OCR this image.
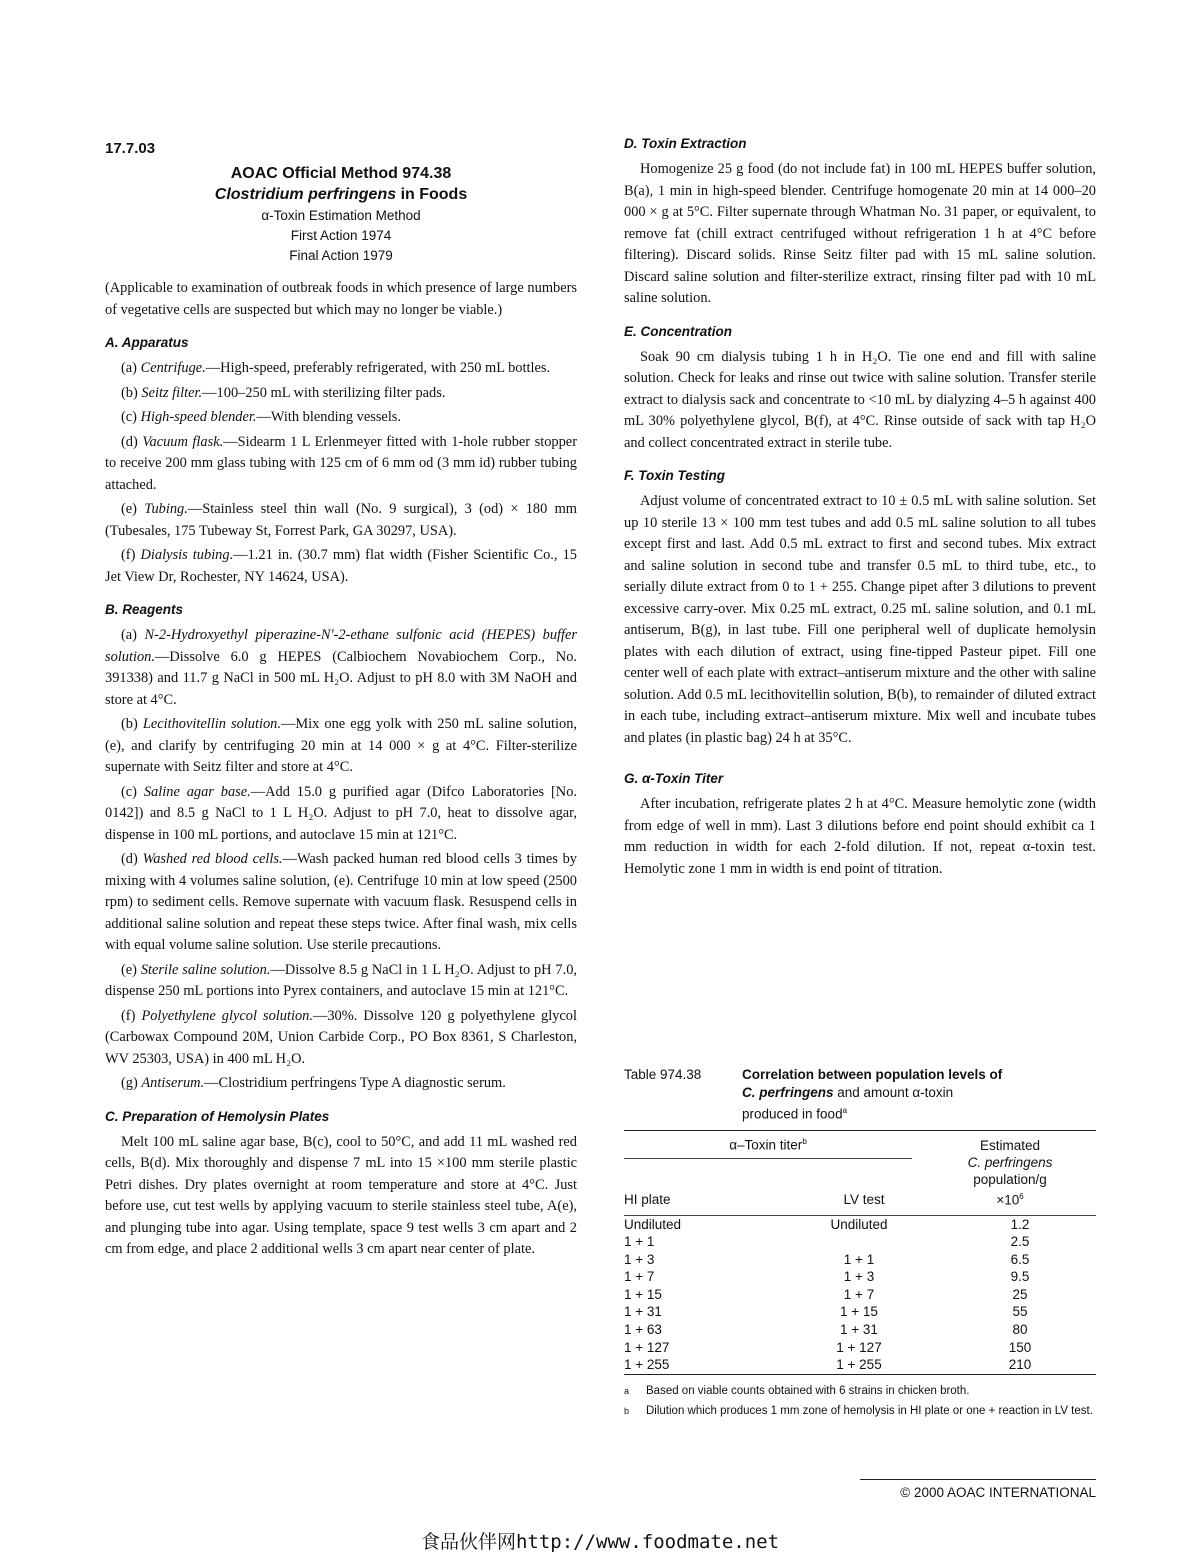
17.7.03
AOAC Official Method 974.38
Clostridium perfringens in Foods
α-Toxin Estimation Method
First Action 1974
Final Action 1979

(Applicable to examination of outbreak foods in which presence of large numbers of vegetative cells are suspected but which may no longer be viable.)

A. Apparatus

(a) Centrifuge.—High-speed, preferably refrigerated, with 250 mL bottles.

(b) Seitz filter.—100–250 mL with sterilizing filter pads.

(c) High-speed blender.—With blending vessels.

(d) Vacuum flask.—Sidearm 1 L Erlenmeyer fitted with 1-hole rubber stopper to receive 200 mm glass tubing with 125 cm of 6 mm od (3 mm id) rubber tubing attached.

(e) Tubing.—Stainless steel thin wall (No. 9 surgical), 3 (od) × 180 mm (Tubesales, 175 Tubeway St, Forrest Park, GA 30297, USA).

(f) Dialysis tubing.—1.21 in. (30.7 mm) flat width (Fisher Scientific Co., 15 Jet View Dr, Rochester, NY 14624, USA).

B. Reagents

(a) N-2-Hydroxyethyl piperazine-N'-2-ethane sulfonic acid (HEPES) buffer solution.—Dissolve 6.0 g HEPES (Calbiochem Novabiochem Corp., No. 391338) and 11.7 g NaCl in 500 mL H₂O. Adjust to pH 8.0 with 3M NaOH and store at 4°C.

(b) Lecithovitellin solution.—Mix one egg yolk with 250 mL saline solution, (e), and clarify by centrifuging 20 min at 14 000 × g at 4°C. Filter-sterilize supernate with Seitz filter and store at 4°C.

(c) Saline agar base.—Add 15.0 g purified agar (Difco Laboratories [No. 0142]) and 8.5 g NaCl to 1 L H₂O. Adjust to pH 7.0, heat to dissolve agar, dispense in 100 mL portions, and autoclave 15 min at 121°C.

(d) Washed red blood cells.—Wash packed human red blood cells 3 times by mixing with 4 volumes saline solution, (e). Centrifuge 10 min at low speed (2500 rpm) to sediment cells. Remove supernate with vacuum flask. Resuspend cells in additional saline solution and repeat these steps twice. After final wash, mix cells with equal volume saline solution. Use sterile precautions.

(e) Sterile saline solution.—Dissolve 8.5 g NaCl in 1 L H₂O. Adjust to pH 7.0, dispense 250 mL portions into Pyrex containers, and autoclave 15 min at 121°C.

(f) Polyethylene glycol solution.—30%. Dissolve 120 g polyethylene glycol (Carbowax Compound 20M, Union Carbide Corp., PO Box 8361, S Charleston, WV 25303, USA) in 400 mL H₂O.

(g) Antiserum.—Clostridium perfringens Type A diagnostic serum.

C. Preparation of Hemolysin Plates

Melt 100 mL saline agar base, B(c), cool to 50°C, and add 11 mL washed red cells, B(d). Mix thoroughly and dispense 7 mL into 15 ×100 mm sterile plastic Petri dishes. Dry plates overnight at room temperature and store at 4°C. Just before use, cut test wells by applying vacuum to sterile stainless steel tube, A(e), and plunging tube into agar. Using template, space 9 test wells 3 cm apart and 2 cm from edge, and place 2 additional wells 3 cm apart near center of plate.

D. Toxin Extraction

Homogenize 25 g food (do not include fat) in 100 mL HEPES buffer solution, B(a), 1 min in high-speed blender. Centrifuge homogenate 20 min at 14 000–20 000 × g at 5°C. Filter supernate through Whatman No. 31 paper, or equivalent, to remove fat (chill extract centrifuged without refrigeration 1 h at 4°C before filtering). Discard solids. Rinse Seitz filter pad with 15 mL saline solution. Discard saline solution and filter-sterilize extract, rinsing filter pad with 10 mL saline solution.

E. Concentration

Soak 90 cm dialysis tubing 1 h in H₂O. Tie one end and fill with saline solution. Check for leaks and rinse out twice with saline solution. Transfer sterile extract to dialysis sack and concentrate to <10 mL by dialyzing 4–5 h against 400 mL 30% polyethylene glycol, B(f), at 4°C. Rinse outside of sack with tap H₂O and collect concentrated extract in sterile tube.

F. Toxin Testing

Adjust volume of concentrated extract to 10 ± 0.5 mL with saline solution. Set up 10 sterile 13 × 100 mm test tubes and add 0.5 mL saline solution to all tubes except first and last. Add 0.5 mL extract to first and second tubes. Mix extract and saline solution in second tube and transfer 0.5 mL to third tube, etc., to serially dilute extract from 0 to 1 + 255. Change pipet after 3 dilutions to prevent excessive carry-over. Mix 0.25 mL extract, 0.25 mL saline solution, and 0.1 mL antiserum, B(g), in last tube. Fill one peripheral well of duplicate hemolysin plates with each dilution of extract, using fine-tipped Pasteur pipet. Fill one center well of each plate with extract–antiserum mixture and the other with saline solution. Add 0.5 mL lecithovitellin solution, B(b), to remainder of diluted extract in each tube, including extract–antiserum mixture. Mix well and incubate tubes and plates (in plastic bag) 24 h at 35°C.

G. α-Toxin Titer

After incubation, refrigerate plates 2 h at 4°C. Measure hemolytic zone (width from edge of well in mm). Last 3 dilutions before end point should exhibit ca 1 mm reduction in width for each 2-fold dilution. If not, repeat α-toxin test. Hemolytic zone 1 mm in width is end point of titration.

Table 974.38	Correlation between population levels of
C. perfringens and amount α-toxin
produced in food$^a$
α–Toxin titer$^b$
HI plate	LV test
Estimated
C. perfringens
population/g
$\times 10^6$
Undiluted	Undiluted	1.2
1 + 1		2.5
1 + 3	1 + 1	6.5
1 + 7	1 + 3	9.5
1 + 15	1 + 7	25
1 + 31	1 + 15	55
1 + 63	1 + 31	80
1 + 127	1 + 127	150
1 + 255	1 + 255	210
a	Based on viable counts obtained with 6 strains in chicken broth.
b	Dilution which produces 1 mm zone of hemolysis in HI plate or one + reaction in LV test.
© 2000 AOAC INTERNATIONAL
食品伙伴网http://www.foodmate.net
